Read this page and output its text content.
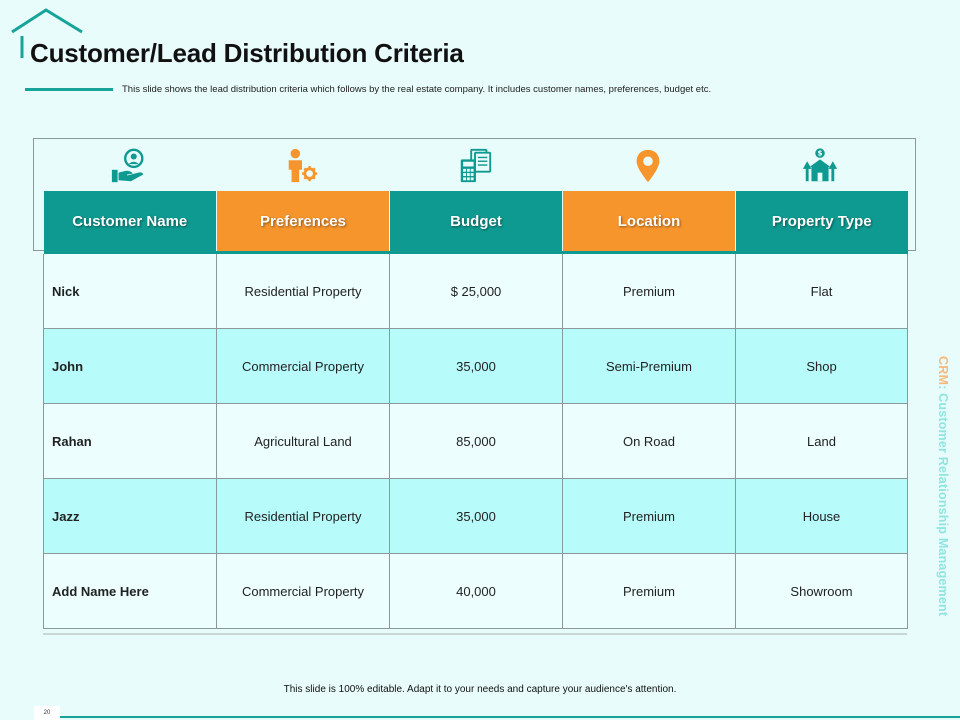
Customer/Lead Distribution Criteria
This slide shows the lead distribution criteria which follows by the real estate company. It includes customer names, preferences, budget etc.
$
Customer Name	Preferences	Budget	Location	Property Type

Nick	Residential Property	$ 25,000	Premium	Flat
John	Commercial Property	35,000	Semi-Premium	Shop
Rahan	Agricultural Land	85,000	On Road	Land
Jazz	Residential Property	35,000	Premium	House
Add Name Here	Commercial Property	40,000	Premium	Showroom
CRM: Customer Relationship Management
This slide is 100% editable. Adapt it to your needs and capture your audience's attention.
20
